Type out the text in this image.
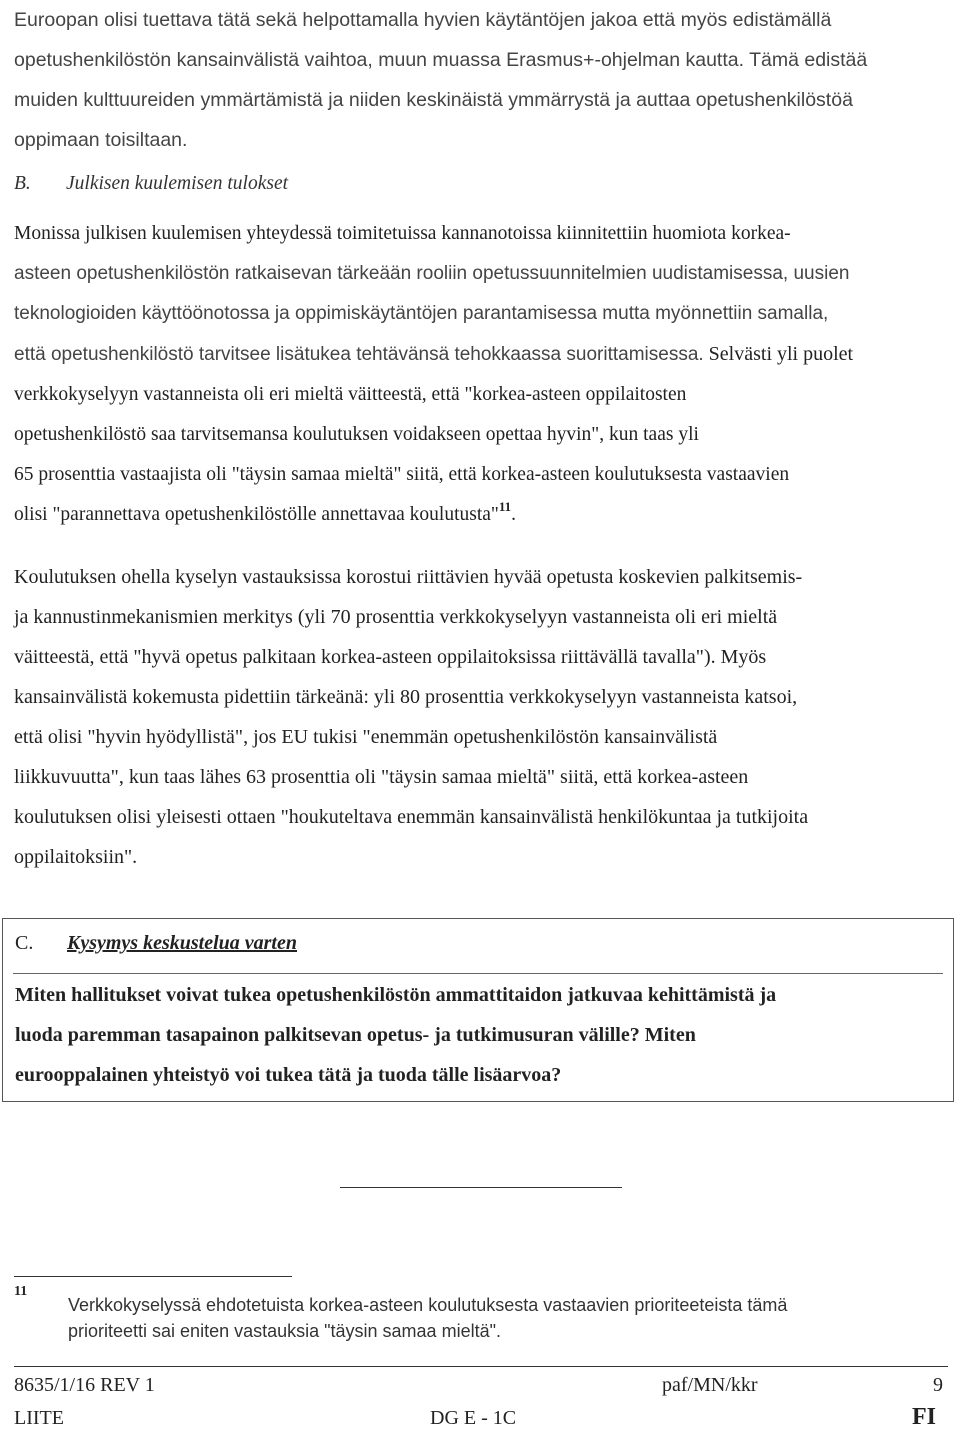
Euroopan olisi tuettava tätä sekä helpottamalla hyvien käytäntöjen jakoa että myös edistämällä

opetushenkilöstön kansainvälistä vaihtoa, muun muassa Erasmus+-ohjelman kautta. Tämä edistää

muiden kulttuureiden ymmärtämistä ja niiden keskinäistä ymmärrystä ja auttaa opetushenkilöstöä

oppimaan toisiltaan.

B. Julkisen kuulemisen tulokset

Monissa julkisen kuulemisen yhteydessä toimitetuissa kannanotoissa kiinnitettiin huomiota korkea-

asteen opetushenkilöstön ratkaisevan tärkeään rooliin opetussuunnitelmien uudistamisessa, uusien

teknologioiden käyttöönotossa ja oppimiskäytäntöjen parantamisessa mutta myönnettiin samalla,

että opetushenkilöstö tarvitsee lisätukea tehtävänsä tehokkaassa suorittamisessa. Selvästi yli puolet

verkkokyselyyn vastanneista oli eri mieltä väitteestä, että "korkea-asteen oppilaitosten

opetushenkilöstö saa tarvitsemansa koulutuksen voidakseen opettaa hyvin", kun taas yli

65 prosenttia vastaajista oli "täysin samaa mieltä" siitä, että korkea-asteen koulutuksesta vastaavien

olisi "parannettava opetushenkilöstölle annettavaa koulutusta"$^{11}$.

Koulutuksen ohella kyselyn vastauksissa korostui riittävien hyvää opetusta koskevien palkitsemis-

ja kannustinmekanismien merkitys (yli 70 prosenttia verkkokyselyyn vastanneista oli eri mieltä

väitteestä, että "hyvä opetus palkitaan korkea-asteen oppilaitoksissa riittävällä tavalla"). Myös

kansainvälistä kokemusta pidettiin tärkeänä: yli 80 prosenttia verkkokyselyyn vastanneista katsoi,

että olisi "hyvin hyödyllistä", jos EU tukisi "enemmän opetushenkilöstön kansainvälistä

liikkuvuutta", kun taas lähes 63 prosenttia oli "täysin samaa mieltä" siitä, että korkea-asteen

koulutuksen olisi yleisesti ottaen "houkuteltava enemmän kansainvälistä henkilökuntaa ja tutkijoita

oppilaitoksiin".

C. Kysymys keskustelua varten
Miten hallitukset voivat tukea opetushenkilöstön ammattitaidon jatkuvaa kehittämistä ja
luoda paremman tasapainon palkitsevan opetus- ja tutkimusuran välille? Miten
eurooppalainen yhteistyö voi tukea tätä ja tuoda tälle lisäarvoa?
11
Verkkokyselyssä ehdotetuista korkea-asteen koulutuksesta vastaavien prioriteeteista tämä
prioriteetti sai eniten vastauksia "täysin samaa mieltä".
8635/1/16 REV 1	paf/MN/kkr	9
LIITE	DG E - 1C	FI
